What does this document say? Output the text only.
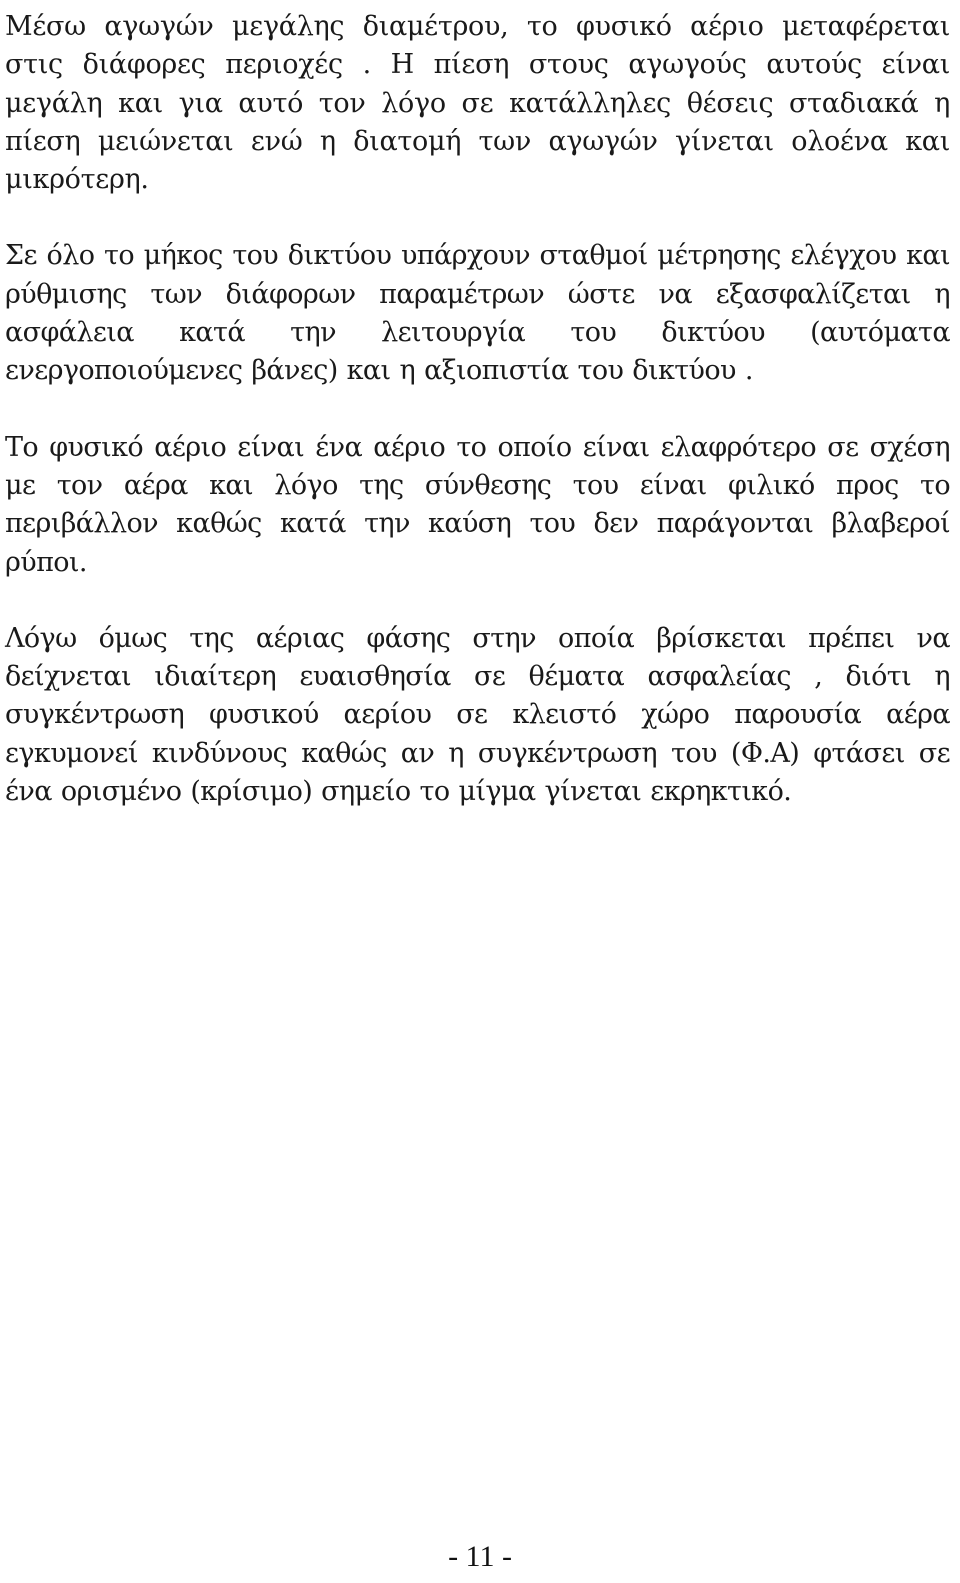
Μέσω αγωγών μεγάλης διαμέτρου, το φυσικό αέριο μεταφέρεται στις διάφορες περιοχές . Η πίεση στους αγωγούς αυτούς είναι μεγάλη και για αυτό τον λόγο σε κατάλληλες θέσεις σταδιακά η πίεση μειώνεται ενώ η διατομή των αγωγών γίνεται ολοένα και μικρότερη.

Σε όλο το μήκος του δικτύου υπάρχουν σταθμοί μέτρησης ελέγχου και ρύθμισης των διάφορων παραμέτρων ώστε να εξασφαλίζεται η ασφάλεια κατά την λειτουργία του δικτύου (αυτόματα ενεργοποιούμενες βάνες) και η αξιοπιστία του δικτύου .

Το φυσικό αέριο είναι ένα αέριο το οποίο είναι ελαφρότερο σε σχέση με τον αέρα και λόγο της σύνθεσης του είναι φιλικό προς το περιβάλλον καθώς κατά την καύση του δεν παράγονται βλαβεροί ρύποι.

Λόγω όμως της αέριας φάσης στην οποία βρίσκεται πρέπει να δείχνεται ιδιαίτερη ευαισθησία σε θέματα ασφαλείας , διότι η συγκέντρωση φυσικού αερίου σε κλειστό χώρο παρουσία αέρα εγκυμονεί κινδύνους καθώς αν η συγκέντρωση του (Φ.Α) φτάσει σε ένα ορισμένο (κρίσιμο) σημείο το μίγμα γίνεται εκρηκτικό.

- 11 -
